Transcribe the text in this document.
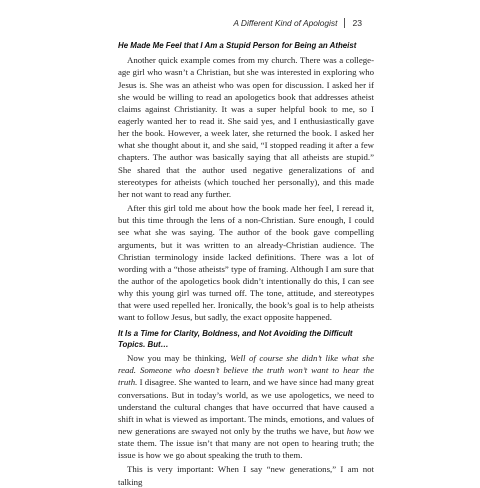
A Different Kind of Apologist 23
He Made Me Feel that I Am a Stupid Person for Being an Atheist

Another quick example comes from my church. There was a college-age girl who wasn’t a Christian, but she was interested in exploring who Jesus is. She was an atheist who was open for discussion. I asked her if she would be willing to read an apologetics book that addresses atheist claims against Christianity. It was a super helpful book to me, so I eagerly wanted her to read it. She said yes, and I enthusiastically gave her the book. However, a week later, she returned the book. I asked her what she thought about it, and she said, “I stopped reading it after a few chapters. The author was basically saying that all atheists are stupid.” She shared that the author used negative generalizations of and stereotypes for atheists (which touched her personally), and this made her not want to read any further.

After this girl told me about how the book made her feel, I reread it, but this time through the lens of a non-Christian. Sure enough, I could see what she was saying. The author of the book gave compelling arguments, but it was written to an already-Christian audience. The Christian terminology inside lacked definitions. There was a lot of wording with a “those atheists” type of framing. Although I am sure that the author of the apologetics book didn’t intentionally do this, I can see why this young girl was turned off. The tone, attitude, and stereotypes that were used repelled her. Ironically, the book’s goal is to help atheists want to follow Jesus, but sadly, the exact opposite happened.

It Is a Time for Clarity, Boldness, and Not Avoiding the Difficult Topics. But…

Now you may be thinking, Well of course she didn’t like what she read. Someone who doesn’t believe the truth won’t want to hear the truth. I disagree. She wanted to learn, and we have since had many great conversations. But in today’s world, as we use apologetics, we need to understand the cultural changes that have occurred that have caused a shift in what is viewed as important. The minds, emotions, and values of new generations are swayed not only by the truths we have, but how we state them. The issue isn’t that many are not open to hearing truth; the issue is how we go about speaking the truth to them.

This is very important: When I say “new generations,” I am not talking
